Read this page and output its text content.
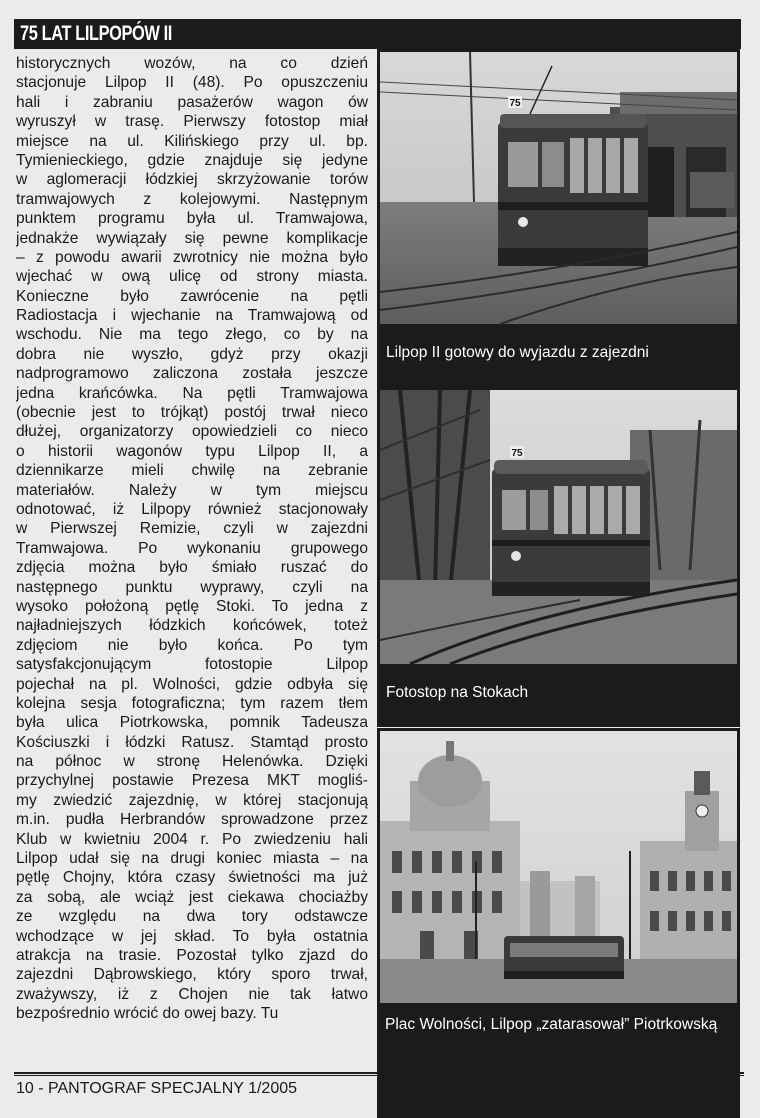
75 LAT LILPOPÓW II
historycznych wozów, na co dzień
stacjonuje Lilpop II (48). Po opuszczeniu
hali i zabraniu pasażerów wagon ów
wyruszył w trasę. Pierwszy fotostop miał
miejsce na ul. Kilińskiego przy ul. bp.
Tymienieckiego, gdzie znajduje się jedyne
w aglomeracji łódzkiej skrzyżowanie torów
tramwajowych z kolejowymi. Następnym
punktem programu była ul. Tramwajowa,
jednakże wywiązały się pewne komplikacje
– z powodu awarii zwrotnicy nie można było
wjechać w ową ulicę od strony miasta.
Konieczne było zawrócenie na pętli
Radiostacja i wjechanie na Tramwajową od
wschodu. Nie ma tego złego, co by na
dobra nie wyszło, gdyż przy okazji
nadprogramowo zaliczona została jeszcze
jedna krańcówka. Na pętli Tramwajowa
(obecnie jest to trójkąt) postój trwał nieco
dłużej, organizatorzy opowiedzieli co nieco
o historii wagonów typu Lilpop II, a
dziennikarze mieli chwilę na zebranie
materiałów. Należy w tym miejscu
odnotować, iż Lilpopy również stacjonowały
w Pierwszej Remizie, czyli w zajezdni
Tramwajowa. Po wykonaniu grupowego
zdjęcia można było śmiało ruszać do
następnego punktu wyprawy, czyli na
wysoko położoną pętlę Stoki. To jedna z
najładniejszych łódzkich końcówek, toteż
zdjęciom nie było końca. Po tym
satysfakcjonującym fotostopie Lilpop
pojechał na pl. Wolności, gdzie odbyła się
kolejna sesja fotograficzna; tym razem tłem
była ulica Piotrkowska, pomnik Tadeusza
Kościuszki i łódzki Ratusz. Stamtąd prosto
na północ w stronę Helenówka. Dzięki
przychylnej postawie Prezesa MKT mogliś-
my zwiedzić zajezdnię, w której stacjonują
m.in. pudła Herbrandów sprowadzone przez
Klub w kwietniu 2004 r. Po zwiedzeniu hali
Lilpop udał się na drugi koniec miasta – na
pętlę Chojny, która czasy świetności ma już
za sobą, ale wciąż jest ciekawa chociażby
ze względu na dwa tory odstawcze
wchodzące w jej skład. To była ostatnia
atrakcja na trasie. Pozostał tylko zjazd do
zajezdni Dąbrowskiego, który sporo trwał,
zważywszy, iż z Chojen nie tak łatwo
bezpośrednio wrócić do owej bazy. Tu
75
Lilpop II gotowy do wyjazdu z zajezdni
75
Fotostop na Stokach
Plac Wolności, Lilpop „zatarasował” Piotrkowską
10 - PANTOGRAF SPECJALNY 1/2005
